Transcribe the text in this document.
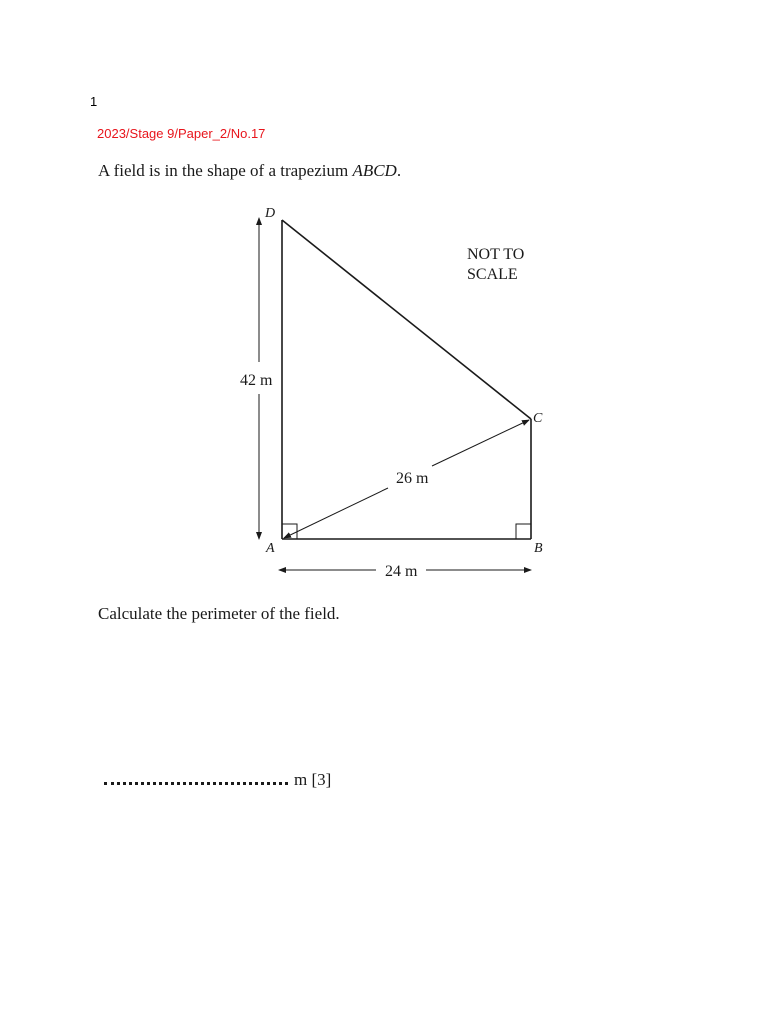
1
2023/Stage 9/Paper_2/No.17
A field is in the shape of a trapezium ABCD.
D
C
A	B
NOT TO
SCALE
42 m
26 m
24 m
Calculate the perimeter of the field.
m [3]
